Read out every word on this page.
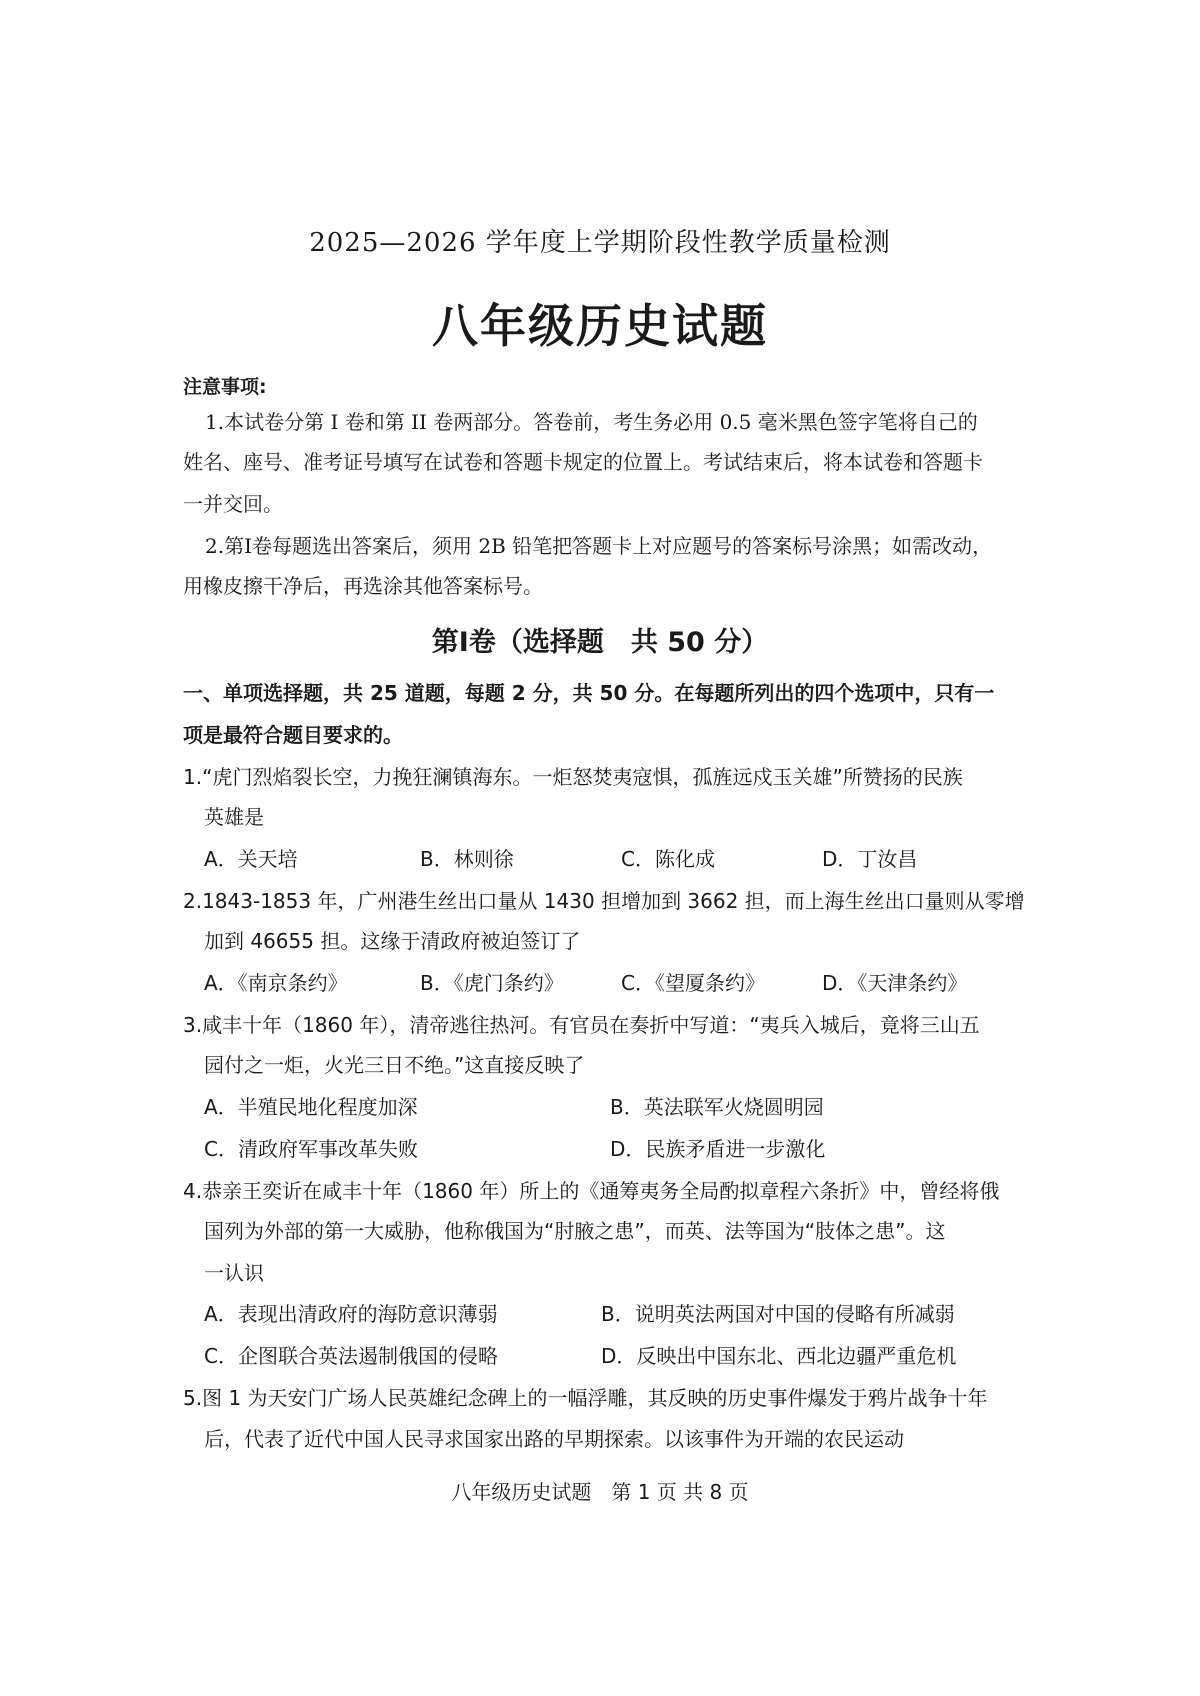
2025—2026 学年度上学期阶段性教学质量检测
八年级历史试题
注意事项:
1.本试卷分第 I 卷和第 II 卷两部分。答卷前，考生务必用 0.5 毫米黑色签字笔将自己的
姓名、座号、准考证号填写在试卷和答题卡规定的位置上。考试结束后，将本试卷和答题卡
一并交回。
2.第Ⅰ卷每题选出答案后，须用 2B 铅笔把答题卡上对应题号的答案标号涂黑；如需改动，
用橡皮擦干净后，再选涂其他答案标号。
第Ⅰ卷（选择题　共 50 分）
一、单项选择题，共 25 道题，每题 2 分，共 50 分。在每题所列出的四个选项中，只有一
项是最符合题目要求的。
1.“虎门烈焰裂长空，力挽狂澜镇海东。一炬怒焚夷寇惧，孤旌远戍玉关雄”所赞扬的民族
英雄是
A．关天培	B．林则徐	C．陈化成	D．丁汝昌
2.1843-1853 年，广州港生丝出口量从 1430 担增加到 3662 担，而上海生丝出口量则从零增
加到 46655 担。这缘于清政府被迫签订了
A．《南京条约》	B．《虎门条约》	C．《望厦条约》	D．《天津条约》
3.咸丰十年（1860 年），清帝逃往热河。有官员在奏折中写道：“夷兵入城后，竟将三山五
园付之一炬，火光三日不绝。”这直接反映了
A．半殖民地化程度加深	B．英法联军火烧圆明园
C．清政府军事改革失败	D．民族矛盾进一步激化
4.恭亲王奕䜣在咸丰十年（1860 年）所上的《通筹夷务全局酌拟章程六条折》中，曾经将俄
国列为外部的第一大威胁，他称俄国为“肘腋之患”，而英、法等国为“肢体之患”。这
一认识
A．表现出清政府的海防意识薄弱	B．说明英法两国对中国的侵略有所减弱
C．企图联合英法遏制俄国的侵略	D．反映出中国东北、西北边疆严重危机
5.图 1 为天安门广场人民英雄纪念碑上的一幅浮雕，其反映的历史事件爆发于鸦片战争十年
后，代表了近代中国人民寻求国家出路的早期探索。以该事件为开端的农民运动
八年级历史试题　第 1 页 共 8 页
